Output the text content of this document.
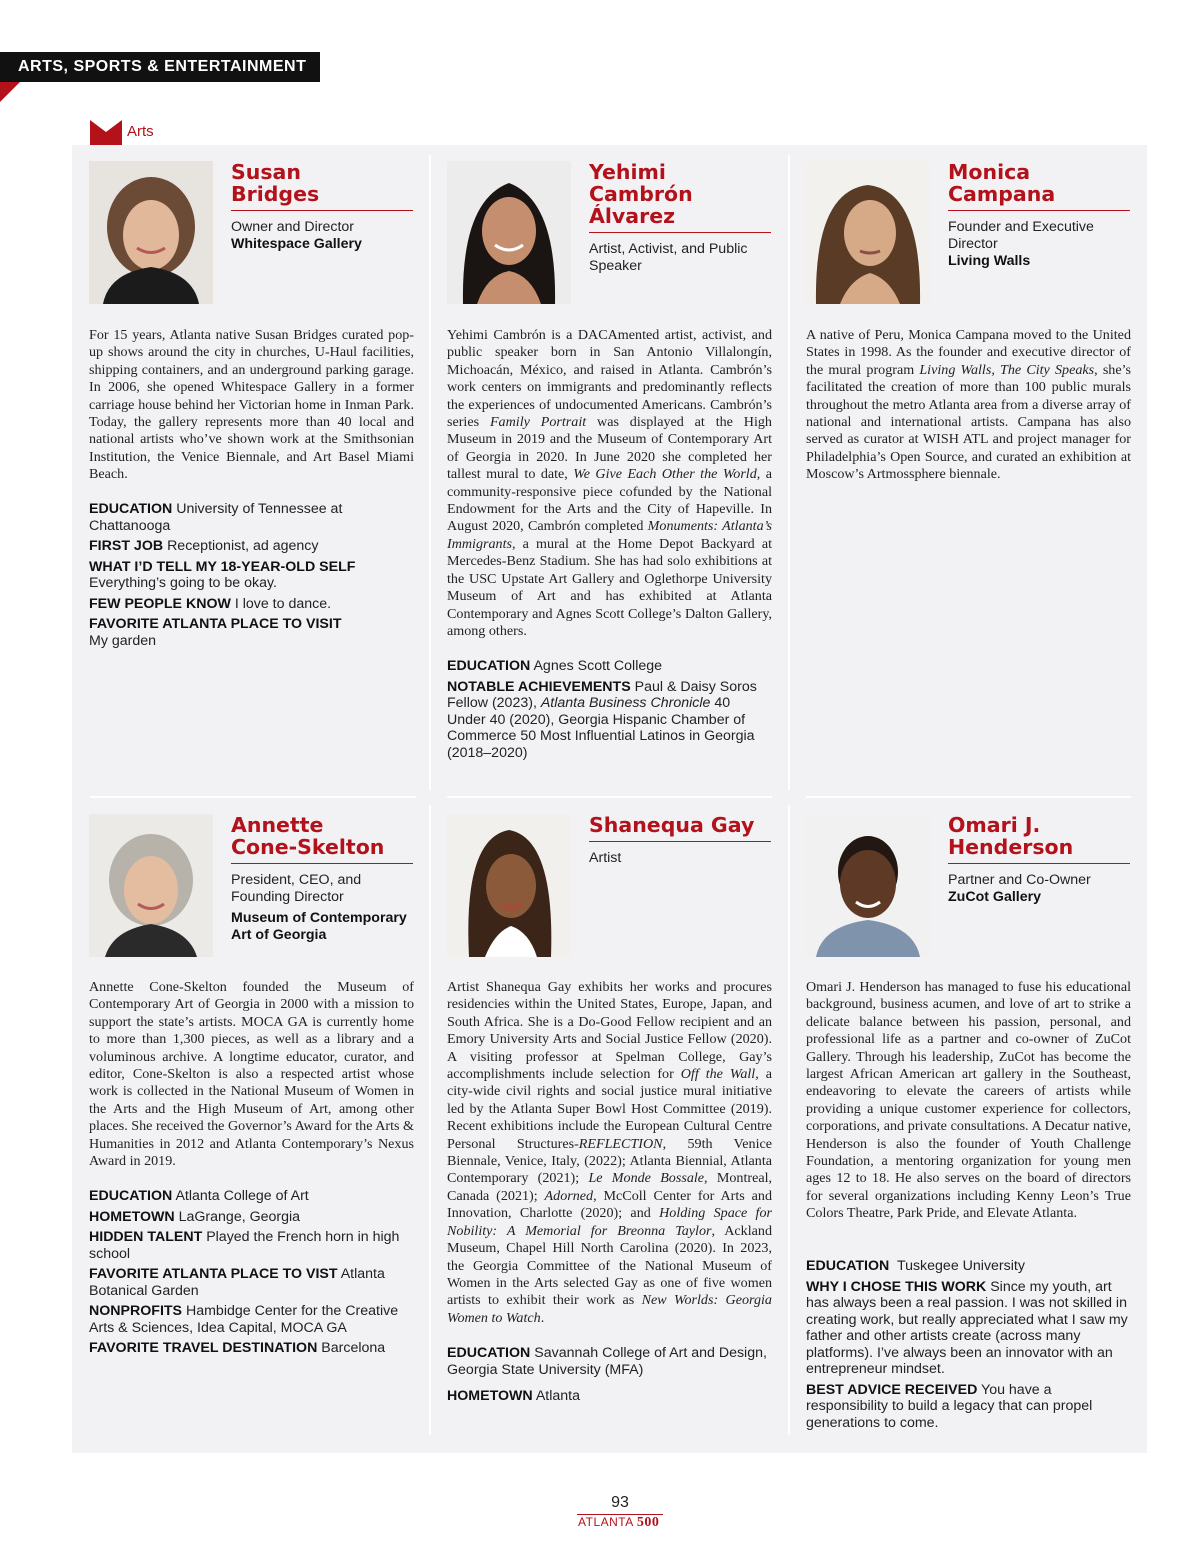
ARTS, SPORTS & ENTERTAINMENT
Arts
Susan
Bridges
Owner and Director
Whitespace Gallery
For 15 years, Atlanta native Susan Bridges curated pop-up shows around the city in churches, U-Haul facilities, shipping containers, and an underground parking garage. In 2006, she opened Whitespace Gallery in a former carriage house behind her Victorian home in Inman Park. Today, the gallery represents more than 40 local and national artists who’ve shown work at the Smithsonian Institution, the Venice Biennale, and Art Basel Miami Beach.
EDUCATION University of Tennessee at Chattanooga
FIRST JOB Receptionist, ad agency
WHAT I’D TELL MY 18-YEAR-OLD SELF
Everything’s going to be okay.
FEW PEOPLE KNOW I love to dance.
FAVORITE ATLANTA PLACE TO VISIT
My garden
Yehimi
Cambrón
Álvarez
Artist, Activist, and Public Speaker
Yehimi Cambrón is a DACAmented artist, activist, and public speaker born in San Antonio Villalongín, Michoacán, México, and raised in Atlanta. Cambrón’s work centers on immigrants and predominantly reflects the experiences of undocumented Americans. Cambrón’s series Family Portrait was displayed at the High Museum in 2019 and the Museum of Contemporary Art of Georgia in 2020. In June 2020 she completed her tallest mural to date, We Give Each Other the World, a community-responsive piece cofunded by the National Endowment for the Arts and the City of Hapeville. In August 2020, Cambrón completed Monuments: Atlanta’s Immigrants, a mural at the Home Depot Backyard at Mercedes-Benz Stadium. She has had solo exhibitions at the USC Upstate Art Gallery and Oglethorpe University Museum of Art and has exhibited at Atlanta Contemporary and Agnes Scott College’s Dalton Gallery, among others.
EDUCATION Agnes Scott College
NOTABLE ACHIEVEMENTS Paul & Daisy Soros Fellow (2023), Atlanta Business Chronicle 40 Under 40 (2020), Georgia Hispanic Chamber of Commerce 50 Most Influential Latinos in Georgia (2018–2020)
Monica
Campana
Founder and Executive Director
Living Walls
A native of Peru, Monica Campana moved to the United States in 1998. As the founder and executive director of the mural program Living Walls, The City Speaks, she’s facilitated the creation of more than 100 public murals throughout the metro Atlanta area from a diverse array of national and international artists. Campana has also served as curator at WISH ATL and project manager for Philadelphia’s Open Source, and curated an exhibition at Moscow’s Artmossphere biennale.
Annette
Cone-Skelton
President, CEO, and Founding Director
Museum of Contemporary Art of Georgia
Annette Cone-Skelton founded the Museum of Contemporary Art of Georgia in 2000 with a mission to support the state’s artists. MOCA GA is currently home to more than 1,300 pieces, as well as a library and a voluminous archive. A longtime educator, curator, and editor, Cone-Skelton is also a respected artist whose work is collected in the National Museum of Women in the Arts and the High Museum of Art, among other places. She received the Governor’s Award for the Arts & Humanities in 2012 and Atlanta Contemporary’s Nexus Award in 2019.
EDUCATION Atlanta College of Art
HOMETOWN LaGrange, Georgia
HIDDEN TALENT Played the French horn in high school
FAVORITE ATLANTA PLACE TO VIST Atlanta Botanical Garden
NONPROFITS Hambidge Center for the Creative Arts & Sciences, Idea Capital, MOCA GA
FAVORITE TRAVEL DESTINATION Barcelona
Shanequa Gay
Artist
Artist Shanequa Gay exhibits her works and procures residencies within the United States, Europe, Japan, and South Africa. She is a Do-Good Fellow recipient and an Emory University Arts and Social Justice Fellow (2020). A visiting professor at Spelman College, Gay’s accomplishments include selection for Off the Wall, a city-wide civil rights and social justice mural initiative led by the Atlanta Super Bowl Host Committee (2019). Recent exhibitions include the European Cultural Centre Personal Structures-REFLECTION, 59th Venice Biennale, Venice, Italy, (2022); Atlanta Biennial, Atlanta Contemporary (2021); Le Monde Bossale, Montreal, Canada (2021); Adorned, McColl Center for Arts and Innovation, Charlotte (2020); and Holding Space for Nobility: A Memorial for Breonna Taylor, Ackland Museum, Chapel Hill North Carolina (2020). In 2023, the Georgia Committee of the National Museum of Women in the Arts selected Gay as one of five women artists to exhibit their work as New Worlds: Georgia Women to Watch.
EDUCATION Savannah College of Art and Design, Georgia State University (MFA)
HOMETOWN Atlanta
Omari J.
Henderson
Partner and Co-Owner
ZuCot Gallery
Omari J. Henderson has managed to fuse his educational background, business acumen, and love of art to strike a delicate balance between his passion, personal, and professional life as a partner and co-owner of ZuCot Gallery. Through his leadership, ZuCot has become the largest African American art gallery in the Southeast, endeavoring to elevate the careers of artists while providing a unique customer experience for collectors, corporations, and private consultations. A Decatur native, Henderson is also the founder of Youth Challenge Foundation, a mentoring organization for young men ages 12 to 18. He also serves on the board of directors for several organizations including Kenny Leon’s True Colors Theatre, Park Pride, and Elevate Atlanta.
EDUCATION Tuskegee University
WHY I CHOSE THIS WORK Since my youth, art has always been a real passion. I was not skilled in creating work, but really appreciated what I saw my father and other artists create (across many platforms). I’ve always been an innovator with an entrepreneur mindset.
BEST ADVICE RECEIVED You have a responsibility to build a legacy that can propel generations to come.
93
ATLANTA 500
